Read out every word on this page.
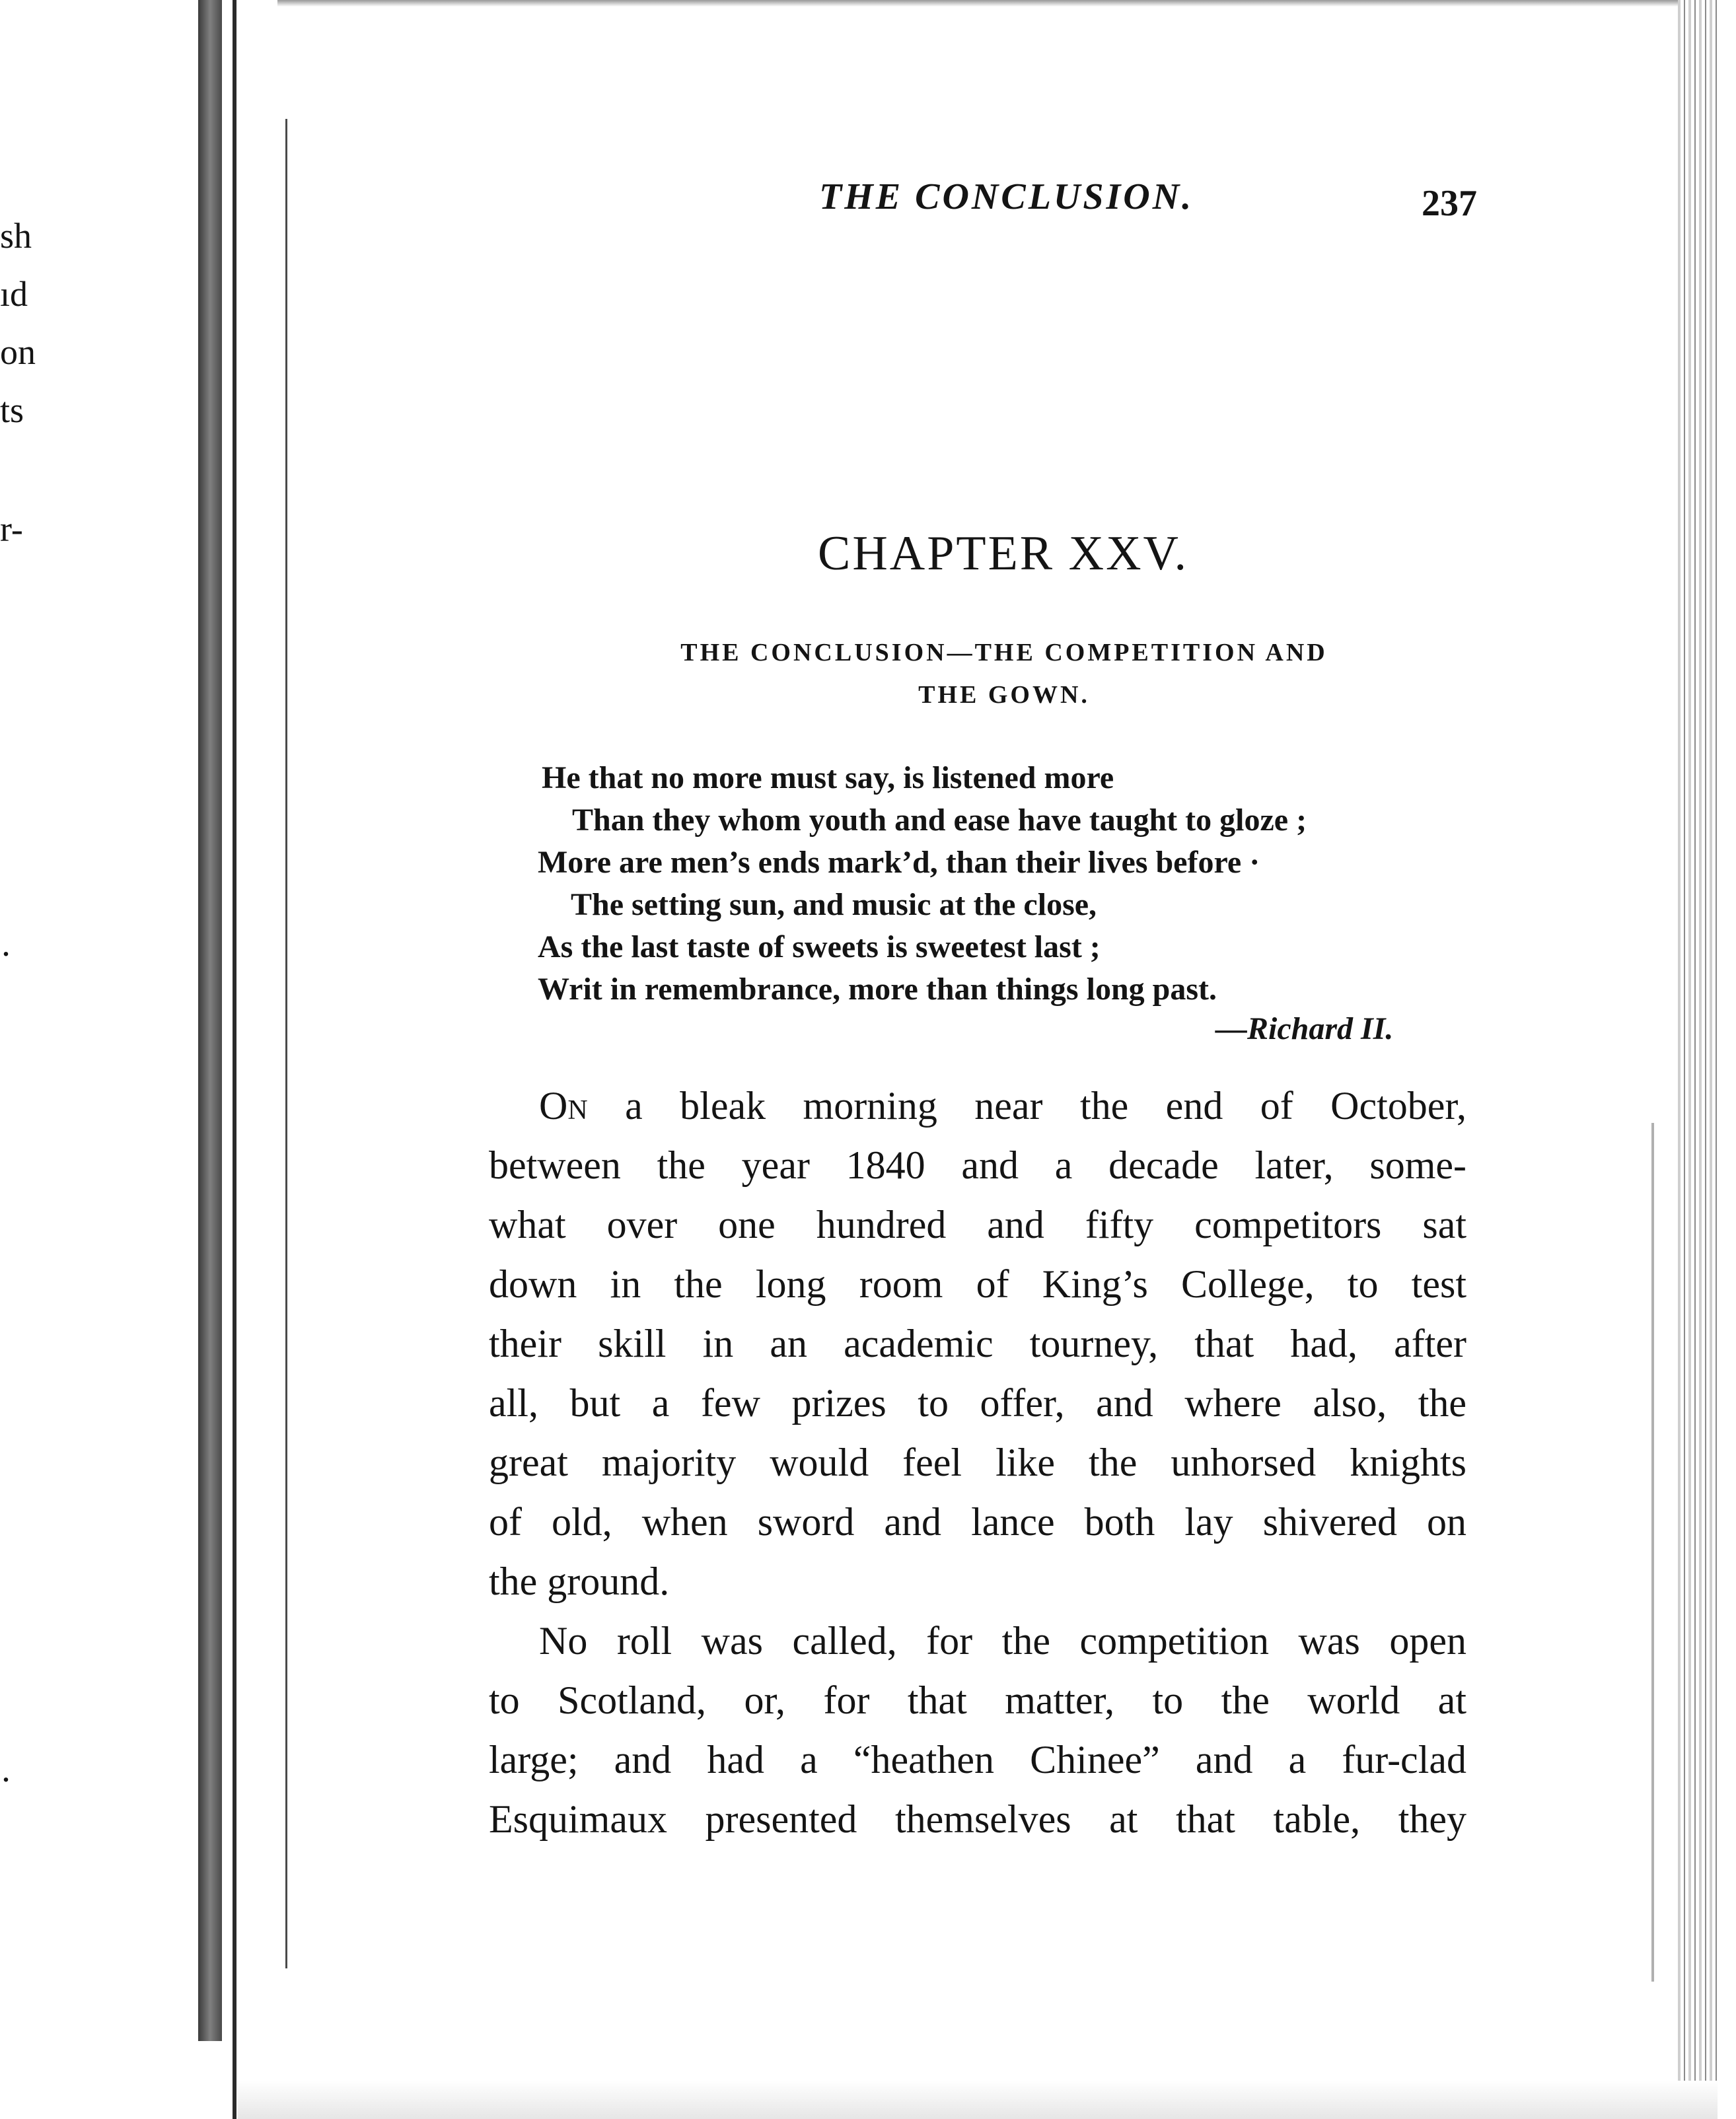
sh
ıd
on
ts
r-
.
.
THE CONCLUSION.	237
CHAPTER XXV.
THE CONCLUSION—THE COMPETITION AND
THE GOWN.
He that no more must say, is listened more
Than they whom youth and ease have taught to gloze ;
More are men’s ends mark’d, than their lives before ·
The setting sun, and music at the close,
As the last taste of sweets is sweetest last ;
Writ in remembrance, more than things long past.
—Richard II.
On a bleak morning near the end of October,
between the year 1840 and a decade later, some-
what over one hundred and fifty competitors sat
down in the long room of King’s College, to test
their skill in an academic tourney, that had, after
all, but a few prizes to offer, and where also, the
great majority would feel like the unhorsed knights
of old, when sword and lance both lay shivered on
the ground.
No roll was called, for the competition was open
to Scotland, or, for that matter, to the world at
large; and had a “heathen Chinee” and a fur-clad
Esquimaux presented themselves at that table, they
